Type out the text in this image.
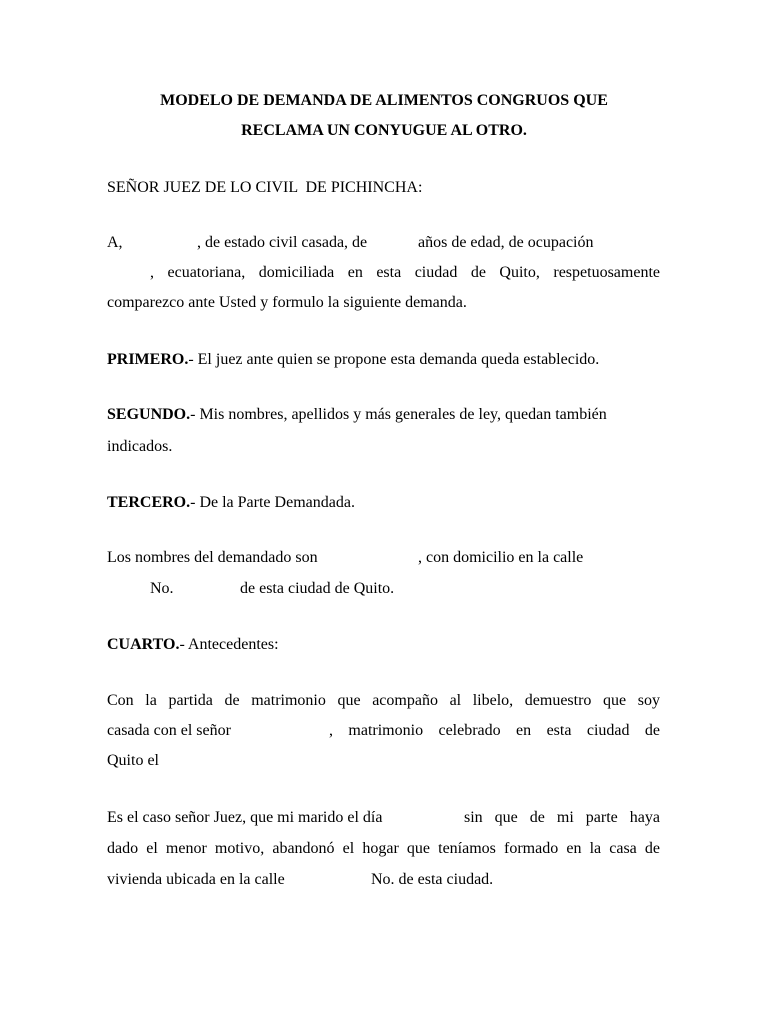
MODELO DE DEMANDA DE ALIMENTOS CONGRUOS QUE
RECLAMA UN CONYUGUE AL OTRO.
SEÑOR JUEZ DE LO CIVIL  DE PICHINCHA:
A,	, de estado civil casada, de	años de edad, de ocupación
, ecuatoriana, domiciliada en esta ciudad de Quito, respetuosamente
comparezco ante Usted y formulo la siguiente demanda.
PRIMERO.- El juez ante quien se propone esta demanda queda establecido.
SEGUNDO.- Mis nombres, apellidos y más generales de ley, quedan también
indicados.
TERCERO.- De la Parte Demandada.
Los nombres del demandado son	, con domicilio en la calle
No.	de esta ciudad de Quito.
CUARTO.- Antecedentes:
Con la partida de matrimonio que acompaño al libelo, demuestro que soy
casada con el señor	, matrimonio celebrado en esta ciudad de
Quito el
Es el caso señor Juez, que mi marido el día	sin que de mi parte haya
dado el menor motivo, abandonó el hogar que teníamos formado en la casa de
vivienda ubicada en la calle	No. de esta ciudad.
